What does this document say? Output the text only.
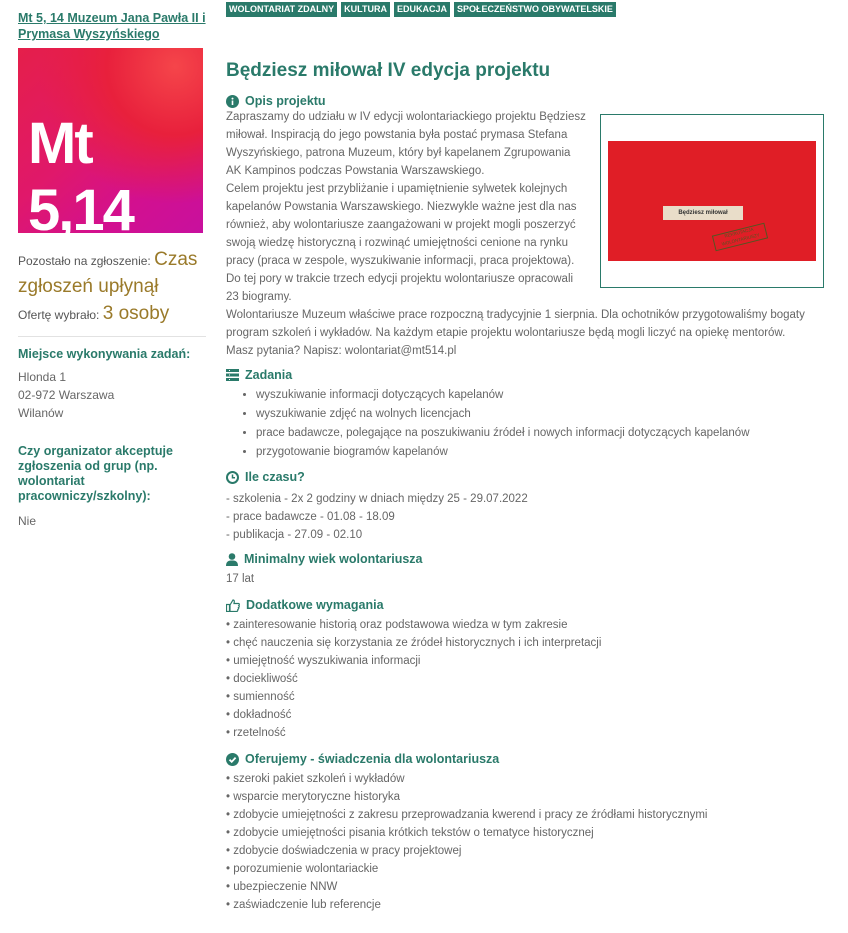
Mt 5, 14 Muzeum Jana Pawła II i Prymasa Wyszyńskiego
Mt 5,14
Pozostało na zgłoszenie: Czas zgłoszeń upłynął
Ofertę wybrało: 3 osoby
Miejsce wykonywania zadań:
Hlonda 1
02-972 Warszawa
Wilanów
Czy organizator akceptuje zgłoszenia od grup (np. wolontariat pracowniczy/szkolny):
Nie
WOLONTARIAT ZDALNY	KULTURA	EDUKACJA	SPOŁECZEŃSTWO OBYWATELSKIE
Będziesz miłował IV edycja projektu
Opis projektu
Będziesz miłował
REKRUTACJA WOLONTARIUSZY
Zapraszamy do udziału w IV edycji wolontariackiego projektu Będziesz
miłował. Inspiracją do jego powstania była postać prymasa Stefana
Wyszyńskiego, patrona Muzeum, który był kapelanem Zgrupowania
AK Kampinos podczas Powstania Warszawskiego.
Celem projektu jest przybliżanie i upamiętnienie sylwetek kolejnych
kapelanów Powstania Warszawskiego. Niezwykle ważne jest dla nas
również, aby wolontariusze zaangażowani w projekt mogli poszerzyć
swoją wiedzę historyczną i rozwinąć umiejętności cenione na rynku
pracy (praca w zespole, wyszukiwanie informacji, praca projektowa).
Do tej pory w trakcie trzech edycji projektu wolontariusze opracowali
23 biogramy.
Wolontariusze Muzeum właściwe prace rozpoczną tradycyjnie 1 sierpnia. Dla ochotników przygotowaliśmy bogaty
program szkoleń i wykładów. Na każdym etapie projektu wolontariusze będą mogli liczyć na opiekę mentorów.
Masz pytania? Napisz: wolontariat@mt514.pl
Zadania
• wyszukiwanie informacji dotyczących kapelanów
• wyszukiwanie zdjęć na wolnych licencjach
• prace badawcze, polegające na poszukiwaniu źródeł i nowych informacji dotyczących kapelanów
• przygotowanie biogramów kapelanów
Ile czasu?
- szkolenia - 2x 2 godziny w dniach między 25 - 29.07.2022
- prace badawcze - 01.08 - 18.09
- publikacja - 27.09 - 02.10
Minimalny wiek wolontariusza
17 lat
Dodatkowe wymagania
• zainteresowanie historią oraz podstawowa wiedza w tym zakresie
• chęć nauczenia się korzystania ze źródeł historycznych i ich interpretacji
• umiejętność wyszukiwania informacji
• dociekliwość
• sumienność
• dokładność
• rzetelność
Oferujemy - świadczenia dla wolontariusza
• szeroki pakiet szkoleń i wykładów
• wsparcie merytoryczne historyka
• zdobycie umiejętności z zakresu przeprowadzania kwerend i pracy ze źródłami historycznymi
• zdobycie umiejętności pisania krótkich tekstów o tematyce historycznej
• zdobycie doświadczenia w pracy projektowej
• porozumienie wolontariackie
• ubezpieczenie NNW
• zaświadczenie lub referencje
